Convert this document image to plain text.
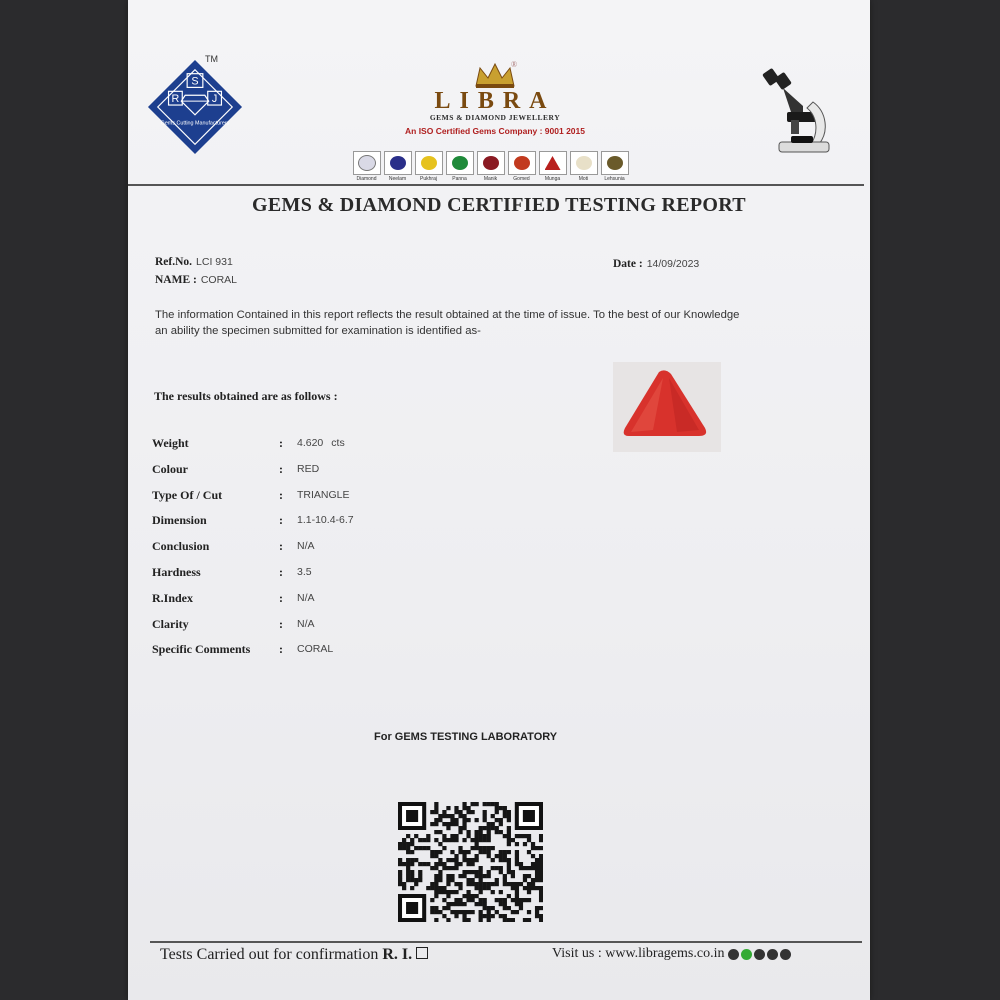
S
R	J
Gems Cutting Manufacturers
TM
®
LIBRA
GEMS & DIAMOND JEWELLERY
An ISO Certified Gems Company : 9001 2015
Diamond Neelam	Pukhraj	Panna	Manik	Gomed	Munga	Moti	Lehsunia
GEMS & DIAMOND CERTIFIED TESTING REPORT
Ref.No. LCI 931
NAME : CORAL
Date : 14/09/2023
The information Contained in this report reflects the result obtained at the time of issue. To the best of our Knowledge an ability the specimen submitted for examination is identified as-
The results obtained are as follows :
Weight	: 4.620 cts
Colour	: RED
Type Of / Cut	: TRIANGLE
Dimension	: 1.1-10.4-6.7
Conclusion	: N/A
Hardness	: 3.5
R.Index	: N/A
Clarity	: N/A
Specific Comments : CORAL
For GEMS TESTING LABORATORY
Tests Carried out for confirmation R. I.	Visit us : www.libragems.co.in
